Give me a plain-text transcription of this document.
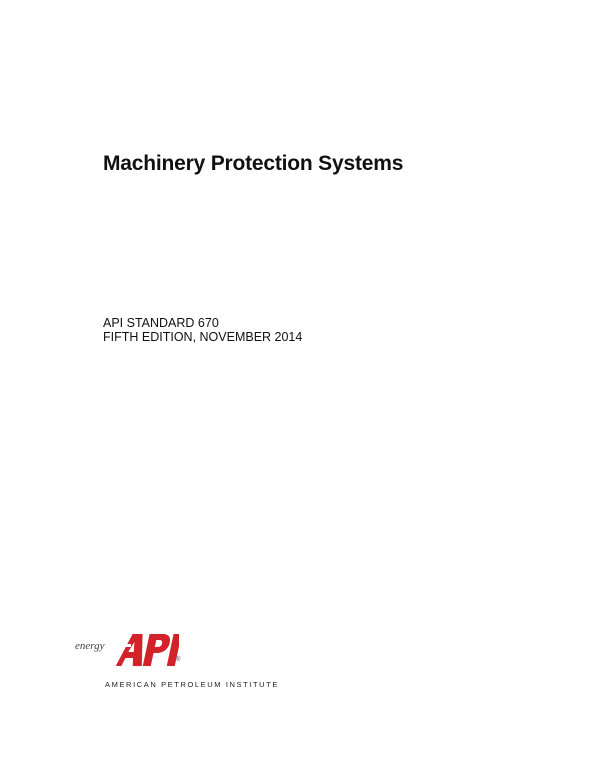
Machinery Protection Systems
API STANDARD 670
FIFTH EDITION, NOVEMBER 2014
energy
®
AMERICAN PETROLEUM INSTITUTE
